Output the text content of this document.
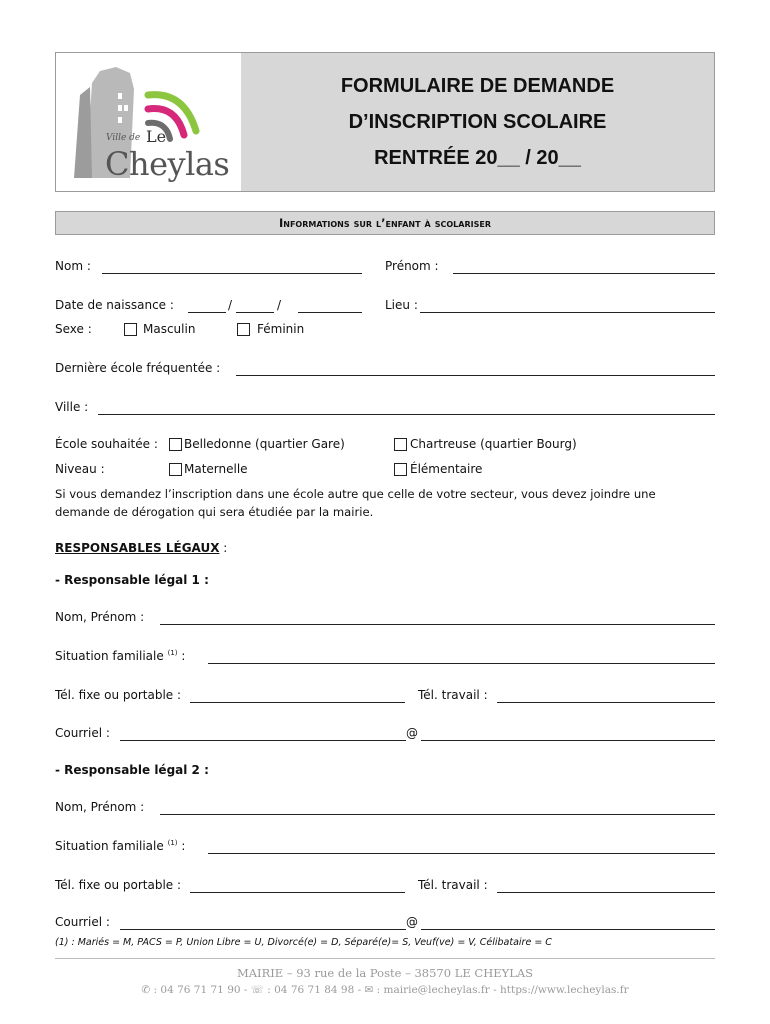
Ville de Le
Cheylas
FORMULAIRE DE DEMANDE
D’INSCRIPTION SCOLAIRE
RENTRÉE 20__ / 20__
Informations sur l’enfant à scolariser
Nom :	Prénom :
Date de naissance :	/	/	Lieu :
Sexe :	Masculin	Féminin
Dernière école fréquentée :
Ville :
École souhaitée : Belledonne (quartier Gare)	Chartreuse (quartier Bourg)
Niveau :	Maternelle	Élémentaire
Si vous demandez l’inscription dans une école autre que celle de votre secteur, vous devez joindre une
demande de dérogation qui sera étudiée par la mairie.
RESPONSABLES LÉGAUX :
- Responsable légal 1 :
Nom, Prénom :
Situation familiale $^{(1)}$ :
Tél. fixe ou portable :	Tél. travail :
Courriel :	@
- Responsable légal 2 :
Nom, Prénom :
Situation familiale $^{(1)}$ :
Tél. fixe ou portable :	Tél. travail :
Courriel :	@
(1) : Mariés = M, PACS = P, Union Libre = U, Divorcé(e) = D, Séparé(e)= S, Veuf(ve) = V, Célibataire = C
MAIRIE – 93 rue de la Poste – 38570 LE CHEYLAS
✆ : 04 76 71 71 90 - ☏ : 04 76 71 84 98 - ✉ : mairie@lecheylas.fr - https://www.lecheylas.fr
